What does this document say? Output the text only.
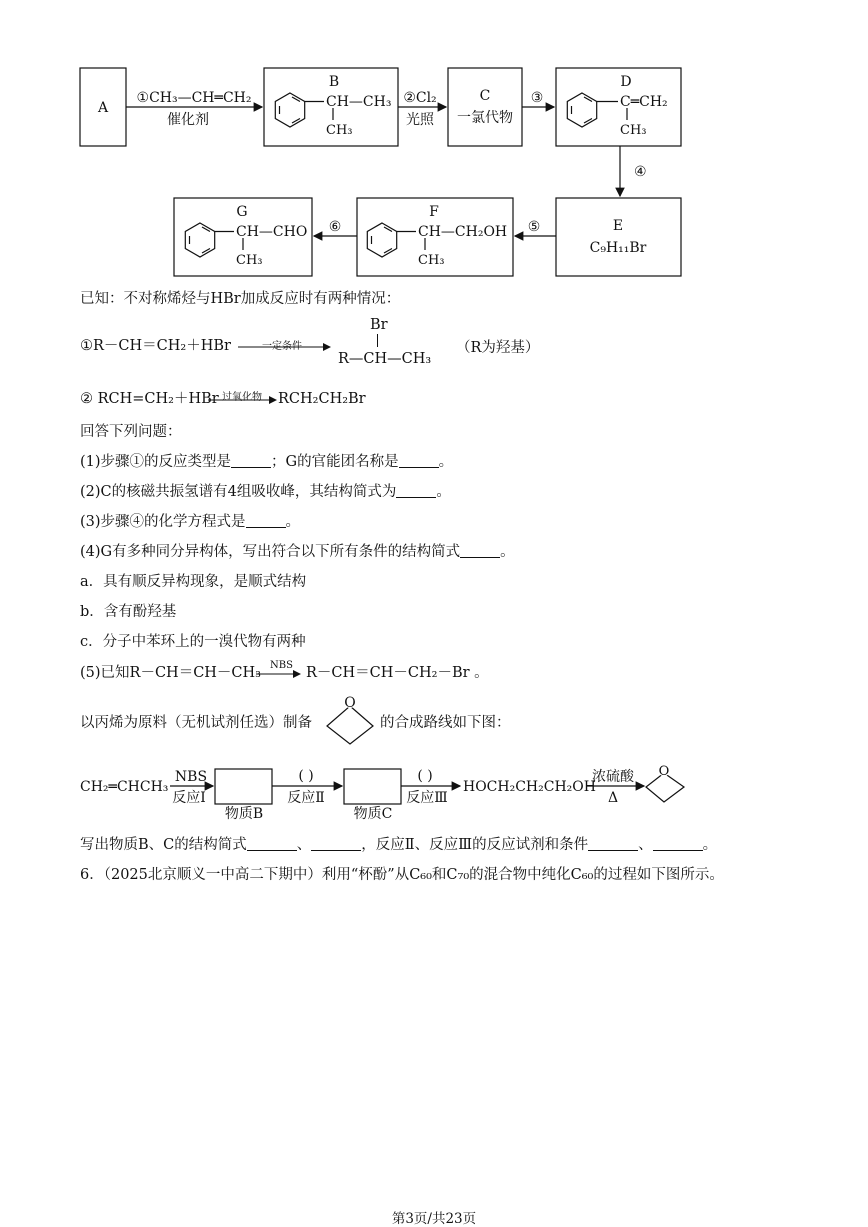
A
①CH₃—CH═CH₂
催化剂
B
CH—CH₃
CH₃
②Cl₂
光照
C
一氯代物
③
D
C═CH₂
CH₃
④
E
C₉H₁₁Br
⑤
F
CH—CH₂OH
CH₃
⑥
G
CH—CHO
CH₃
已知：不对称烯烃与HBr加成反应时有两种情况：
①R－CH＝CH₂＋HBr	一定条件
Br
R—CH—CH₃
（R为羟基）
② RCH=CH₂＋HBr 过氧化物 RCH₂CH₂Br
回答下列问题：
(1)步骤①的反应类型是	；G的官能团名称是	。
(2)C的核磁共振氢谱有4组吸收峰，其结构简式为	。
(3)步骤④的化学方程式是	。
(4)G有多种同分异构体，写出符合以下所有条件的结构简式	。
a．具有顺反异构现象，是顺式结构
b．含有酚羟基
c．分子中苯环上的一溴代物有两种
(5)已知R－CH＝CH－CH₃ NBS R－CH＝CH－CH₂－Br 。
以丙烯为原料（无机试剂任选）制备
O
的合成路线如下图：
O
CH₂═CHCH₃
NBS
反应Ⅰ
物质B
( )
反应Ⅱ
物质C
( )
反应Ⅲ
HOCH₂CH₂CH₂OH
浓硫酸
Δ
写出物质B、C的结构简式	、	，反应Ⅱ、反应Ⅲ的反应试剂和条件	、	。
6．（2025北京顺义一中高二下期中）利用“杯酚”从C₆₀和C₇₀的混合物中纯化C₆₀的过程如下图所示。
第3页/共23页
